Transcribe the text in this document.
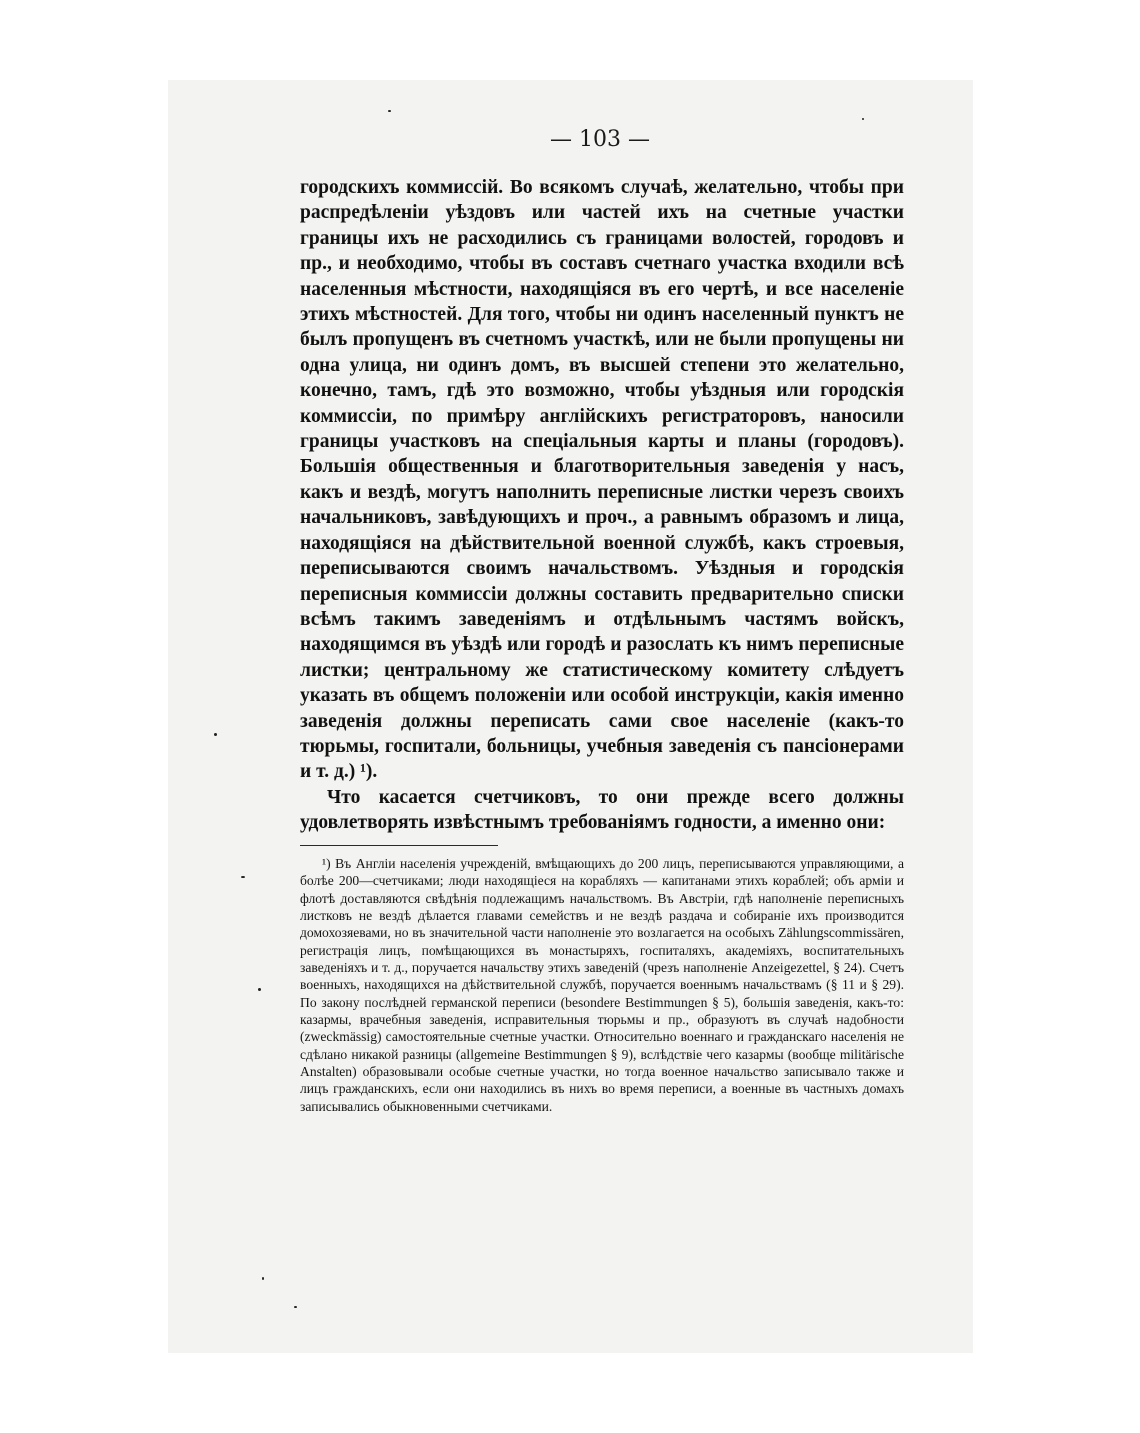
— 103 —

городскихъ коммиссій. Во всякомъ случаѣ, желательно, чтобы при распредѣленіи уѣздовъ или частей ихъ на счетные участки границы ихъ не расходились съ границами волостей, городовъ и пр., и необходимо, чтобы въ составъ счетнаго участка входили всѣ населенныя мѣстности, находящіяся въ его чертѣ, и все населеніе этихъ мѣстностей. Для того, чтобы ни одинъ населенный пунктъ не былъ пропущенъ въ счетномъ участкѣ, или не были пропущены ни одна улица, ни одинъ домъ, въ высшей степени это желательно, конечно, тамъ, гдѣ это возможно, чтобы уѣздныя или городскія коммиссіи, по примѣру англійскихъ регистраторовъ, наносили границы участковъ на спеціальныя карты и планы (городовъ). Большія общественныя и благотворительныя заведенія у насъ, какъ и вездѣ, могутъ наполнить переписные листки черезъ своихъ начальниковъ, завѣдующихъ и проч., а равнымъ образомъ и лица, находящіяся на дѣйствительной военной службѣ, какъ строевыя, переписываются своимъ начальствомъ. Уѣздныя и городскія переписныя коммиссіи должны составить предварительно списки всѣмъ такимъ заведеніямъ и отдѣльнымъ частямъ войскъ, находящимся въ уѣздѣ или городѣ и разослать къ нимъ переписные листки; центральному же статистическому комитету слѣдуетъ указать въ общемъ положеніи или особой инструкціи, какія именно заведенія должны переписать сами свое населеніе (какъ-то тюрьмы, госпитали, больницы, учебныя заведенія съ пансіонерами и т. д.) ¹).

Что касается счетчиковъ, то они прежде всего должны удовлетворять извѣстнымъ требованіямъ годности, а именно они:

¹) Въ Англіи населенія учрежденій, вмѣщающихъ до 200 лицъ, переписываются управляющими, а болѣе 200—счетчиками; люди находящіеся на корабляхъ — капитанами этихъ кораблей; объ арміи и флотѣ доставляются свѣдѣнія подлежащимъ начальствомъ. Въ Австріи, гдѣ наполненіе переписныхъ листковъ не вездѣ дѣлается главами семействъ и не вездѣ раздача и собираніе ихъ производится домохозяевами, но въ значительной части наполненіе это возлагается на особыхъ Zählungscommissären, регистрація лицъ, помѣщающихся въ монастыряхъ, госпиталяхъ, академіяхъ, воспитательныхъ заведеніяхъ и т. д., поручается начальству этихъ заведеній (чрезъ наполненіе Anzeigezettel, § 24). Счетъ военныхъ, находящихся на дѣйствительной службѣ, поручается военнымъ начальствамъ (§ 11 и § 29). По закону послѣдней германской переписи (besondere Bestimmungen § 5), большія заведенія, какъ-то: казармы, врачебныя заведенія, исправительныя тюрьмы и пр., образуютъ въ случаѣ надобности (zweckmässig) самостоятельные счетные участки. Относительно военнаго и гражданскаго населенія не сдѣлано никакой разницы (allgemeine Bestimmungen § 9), вслѣдствіе чего казармы (вообще militärische Anstalten) образовывали особые счетные участки, но тогда военное начальство записывало также и лицъ гражданскихъ, если они находились въ нихъ во время переписи, а военные въ частныхъ домахъ записывались обыкновенными счетчиками.
